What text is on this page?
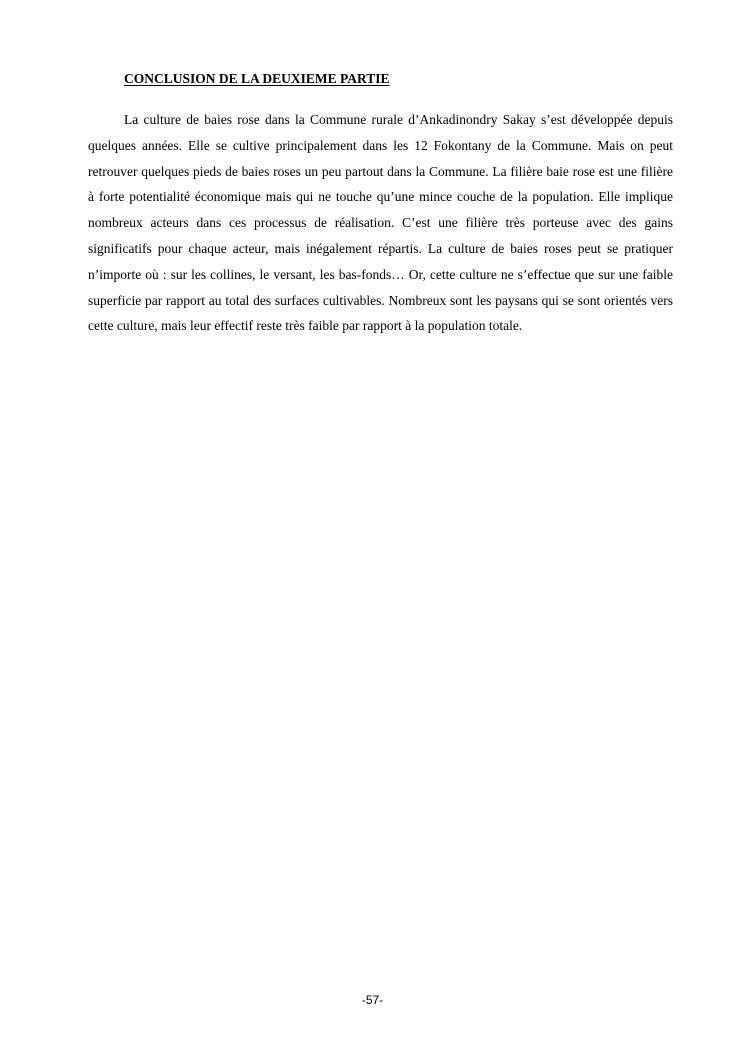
CONCLUSION DE LA DEUXIEME PARTIE

La culture de baies rose dans la Commune rurale d’Ankadinondry Sakay s’est développée depuis quelques années. Elle se cultive principalement dans les 12 Fokontany de la Commune. Mais on peut retrouver quelques pieds de baies roses un peu partout dans la Commune. La filière baie rose est une filière à forte potentialité économique mais qui ne touche qu’une mince couche de la population. Elle implique nombreux acteurs dans ces processus de réalisation. C’est une filière très porteuse avec des gains significatifs pour chaque acteur, mais inégalement répartis. La culture de baies roses peut se pratiquer n’importe où : sur les collines, le versant, les bas-fonds… Or, cette culture ne s’effectue que sur une faible superficie par rapport au total des surfaces cultivables. Nombreux sont les paysans qui se sont orientés vers cette culture, mais leur effectif reste très faible par rapport à la population totale.

-57-
